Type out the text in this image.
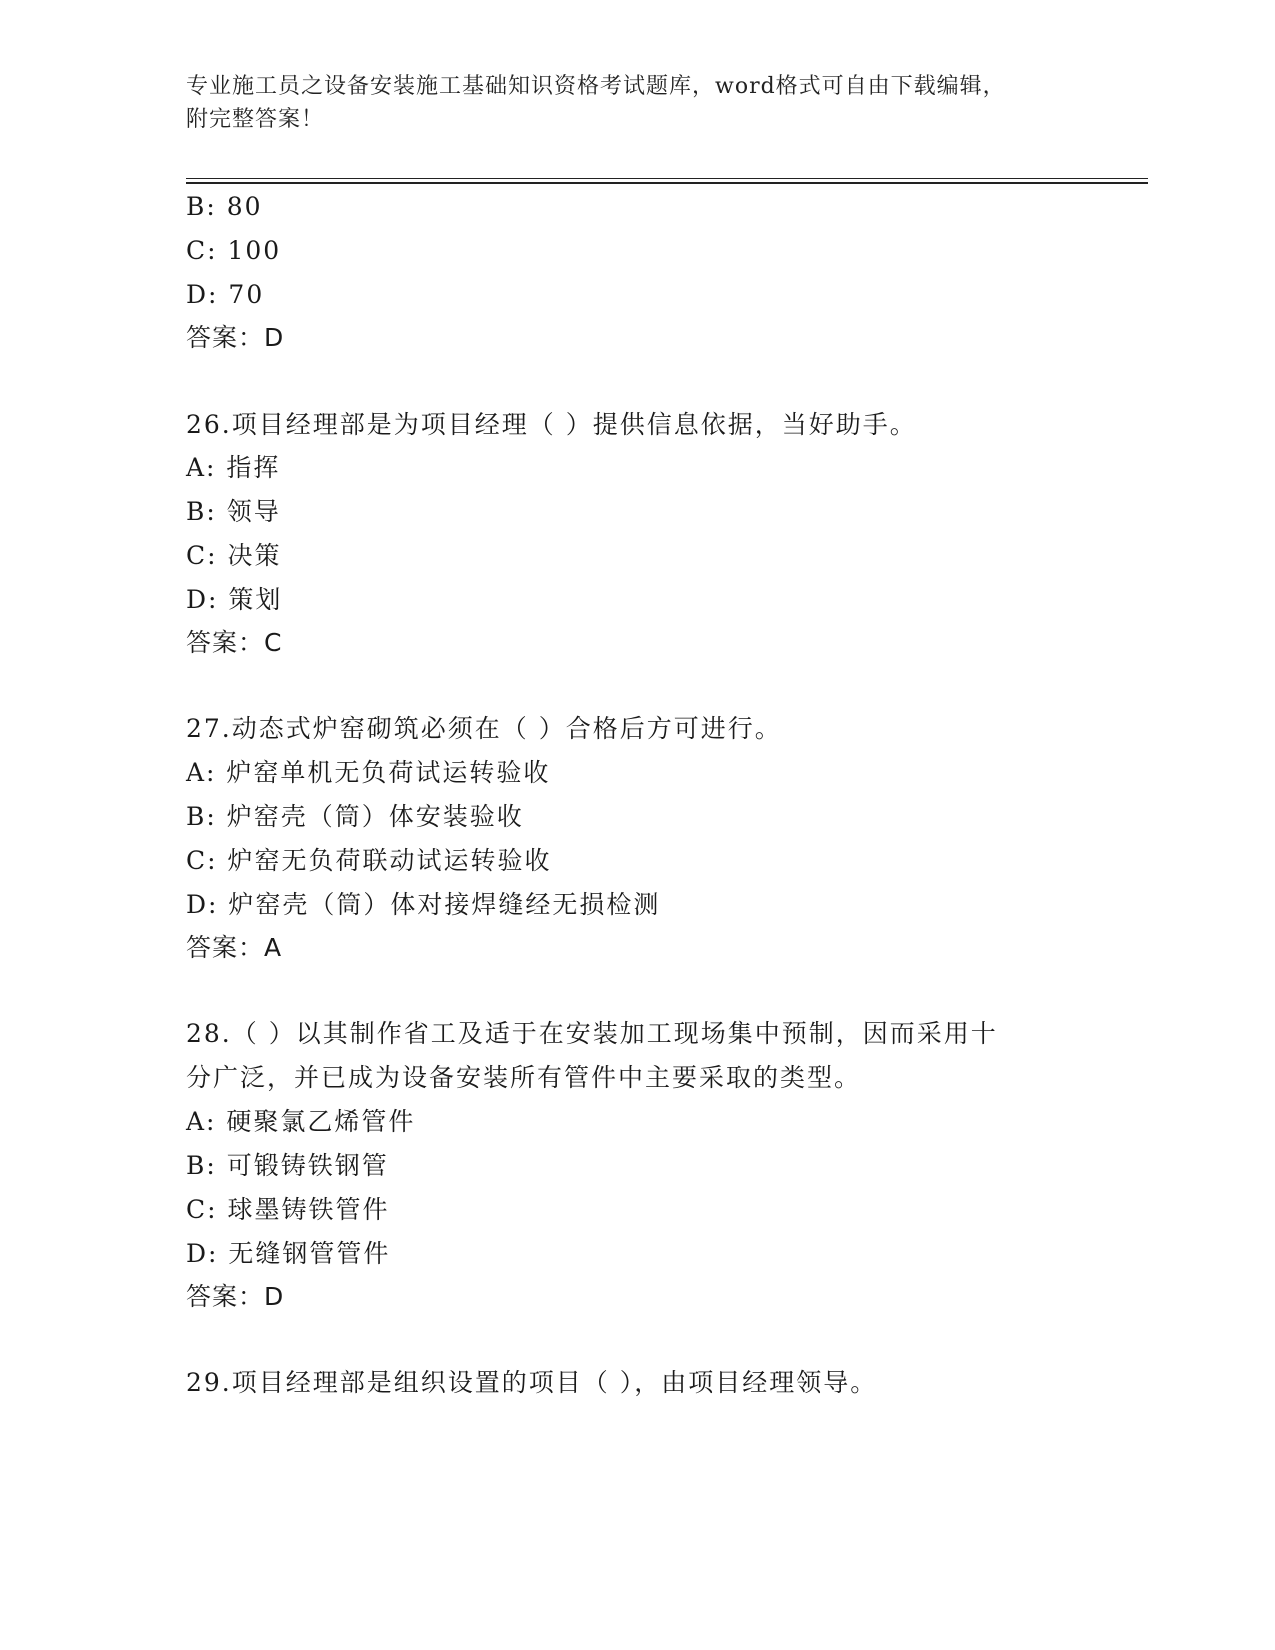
专业施工员之设备安装施工基础知识资格考试题库，word格式可自由下载编辑，
附完整答案！
B: 80
C: 100
D: 70
答案：D
26.项目经理部是为项目经理（ ）提供信息依据，当好助手。
A: 指挥
B: 领导
C: 决策
D: 策划
答案：C
27.动态式炉窑砌筑必须在（ ）合格后方可进行。
A: 炉窑单机无负荷试运转验收
B: 炉窑壳（筒）体安装验收
C: 炉窑无负荷联动试运转验收
D: 炉窑壳（筒）体对接焊缝经无损检测
答案：A
28.（ ）以其制作省工及适于在安装加工现场集中预制，因而采用十
分广泛，并已成为设备安装所有管件中主要采取的类型。
A: 硬聚氯乙烯管件
B: 可锻铸铁钢管
C: 球墨铸铁管件
D: 无缝钢管管件
答案：D
29.项目经理部是组织设置的项目（ ），由项目经理领导。
